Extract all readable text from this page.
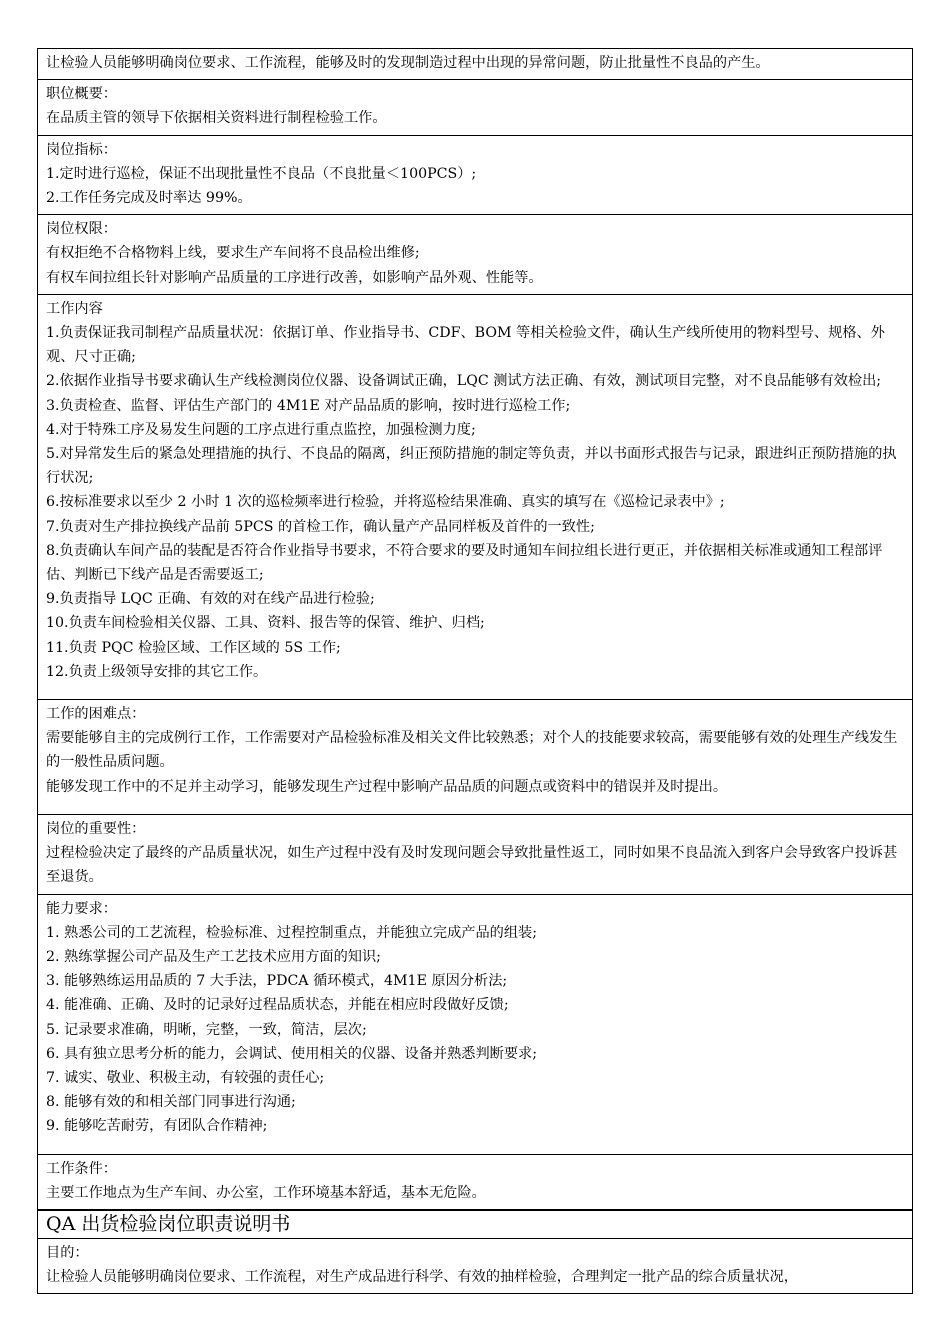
让检验人员能够明确岗位要求、工作流程，能够及时的发现制造过程中出现的异常问题，防止批量性不良品的产生。
职位概要：
在品质主管的领导下依据相关资料进行制程检验工作。
岗位指标：
1.定时进行巡检，保证不出现批量性不良品（不良批量＜100PCS）;
2.工作任务完成及时率达 99%。
岗位权限：
有权拒绝不合格物料上线，要求生产车间将不良品检出维修;
有权车间拉组长针对影响产品质量的工序进行改善，如影响产品外观、性能等。
工作内容
1.负责保证我司制程产品质量状况：依据订单、作业指导书、CDF、BOM 等相关检验文件，确认生产线所使用的物料型号、规格、外观、尺寸正确;
2.依据作业指导书要求确认生产线检测岗位仪器、设备调试正确，LQC 测试方法正确、有效，测试项目完整，对不良品能够有效检出;
3.负责检查、监督、评估生产部门的 4M1E 对产品品质的影响，按时进行巡检工作;
4.对于特殊工序及易发生问题的工序点进行重点监控，加强检测力度;
5.对异常发生后的紧急处理措施的执行、不良品的隔离，纠正预防措施的制定等负责，并以书面形式报告与记录，跟进纠正预防措施的执行状况;
6.按标准要求以至少 2 小时 1 次的巡检频率进行检验，并将巡检结果准确、真实的填写在《巡检记录表中》;
7.负责对生产排拉换线产品前 5PCS 的首检工作，确认量产产品同样板及首件的一致性;
8.负责确认车间产品的装配是否符合作业指导书要求，不符合要求的要及时通知车间拉组长进行更正，并依据相关标准或通知工程部评估、判断已下线产品是否需要返工;
9.负责指导 LQC 正确、有效的对在线产品进行检验;
10.负责车间检验相关仪器、工具、资料、报告等的保管、维护、归档;
11.负责 PQC 检验区域、工作区域的 5S 工作;
12.负责上级领导安排的其它工作。
工作的困难点：
需要能够自主的完成例行工作，工作需要对产品检验标准及相关文件比较熟悉；对个人的技能要求较高，需要能够有效的处理生产线发生的一般性品质问题。
能够发现工作中的不足并主动学习，能够发现生产过程中影响产品品质的问题点或资料中的错误并及时提出。
岗位的重要性：
过程检验决定了最终的产品质量状况，如生产过程中没有及时发现问题会导致批量性返工，同时如果不良品流入到客户会导致客户投诉甚至退货。
能力要求：
1. 熟悉公司的工艺流程，检验标准、过程控制重点，并能独立完成产品的组装;
2. 熟练掌握公司产品及生产工艺技术应用方面的知识;
3. 能够熟练运用品质的 7 大手法，PDCA 循环模式，4M1E 原因分析法;
4. 能准确、正确、及时的记录好过程品质状态，并能在相应时段做好反馈;
5. 记录要求准确，明晰，完整，一致，简洁，层次;
6. 具有独立思考分析的能力，会调试、使用相关的仪器、设备并熟悉判断要求;
7. 诚实、敬业、积极主动，有较强的责任心;
8. 能够有效的和相关部门同事进行沟通;
9. 能够吃苦耐劳，有团队合作精神;
工作条件：
主要工作地点为生产车间、办公室，工作环境基本舒适，基本无危险。
QA 出货检验岗位职责说明书
目的：
让检验人员能够明确岗位要求、工作流程，对生产成品进行科学、有效的抽样检验，合理判定一批产品的综合质量状况，
